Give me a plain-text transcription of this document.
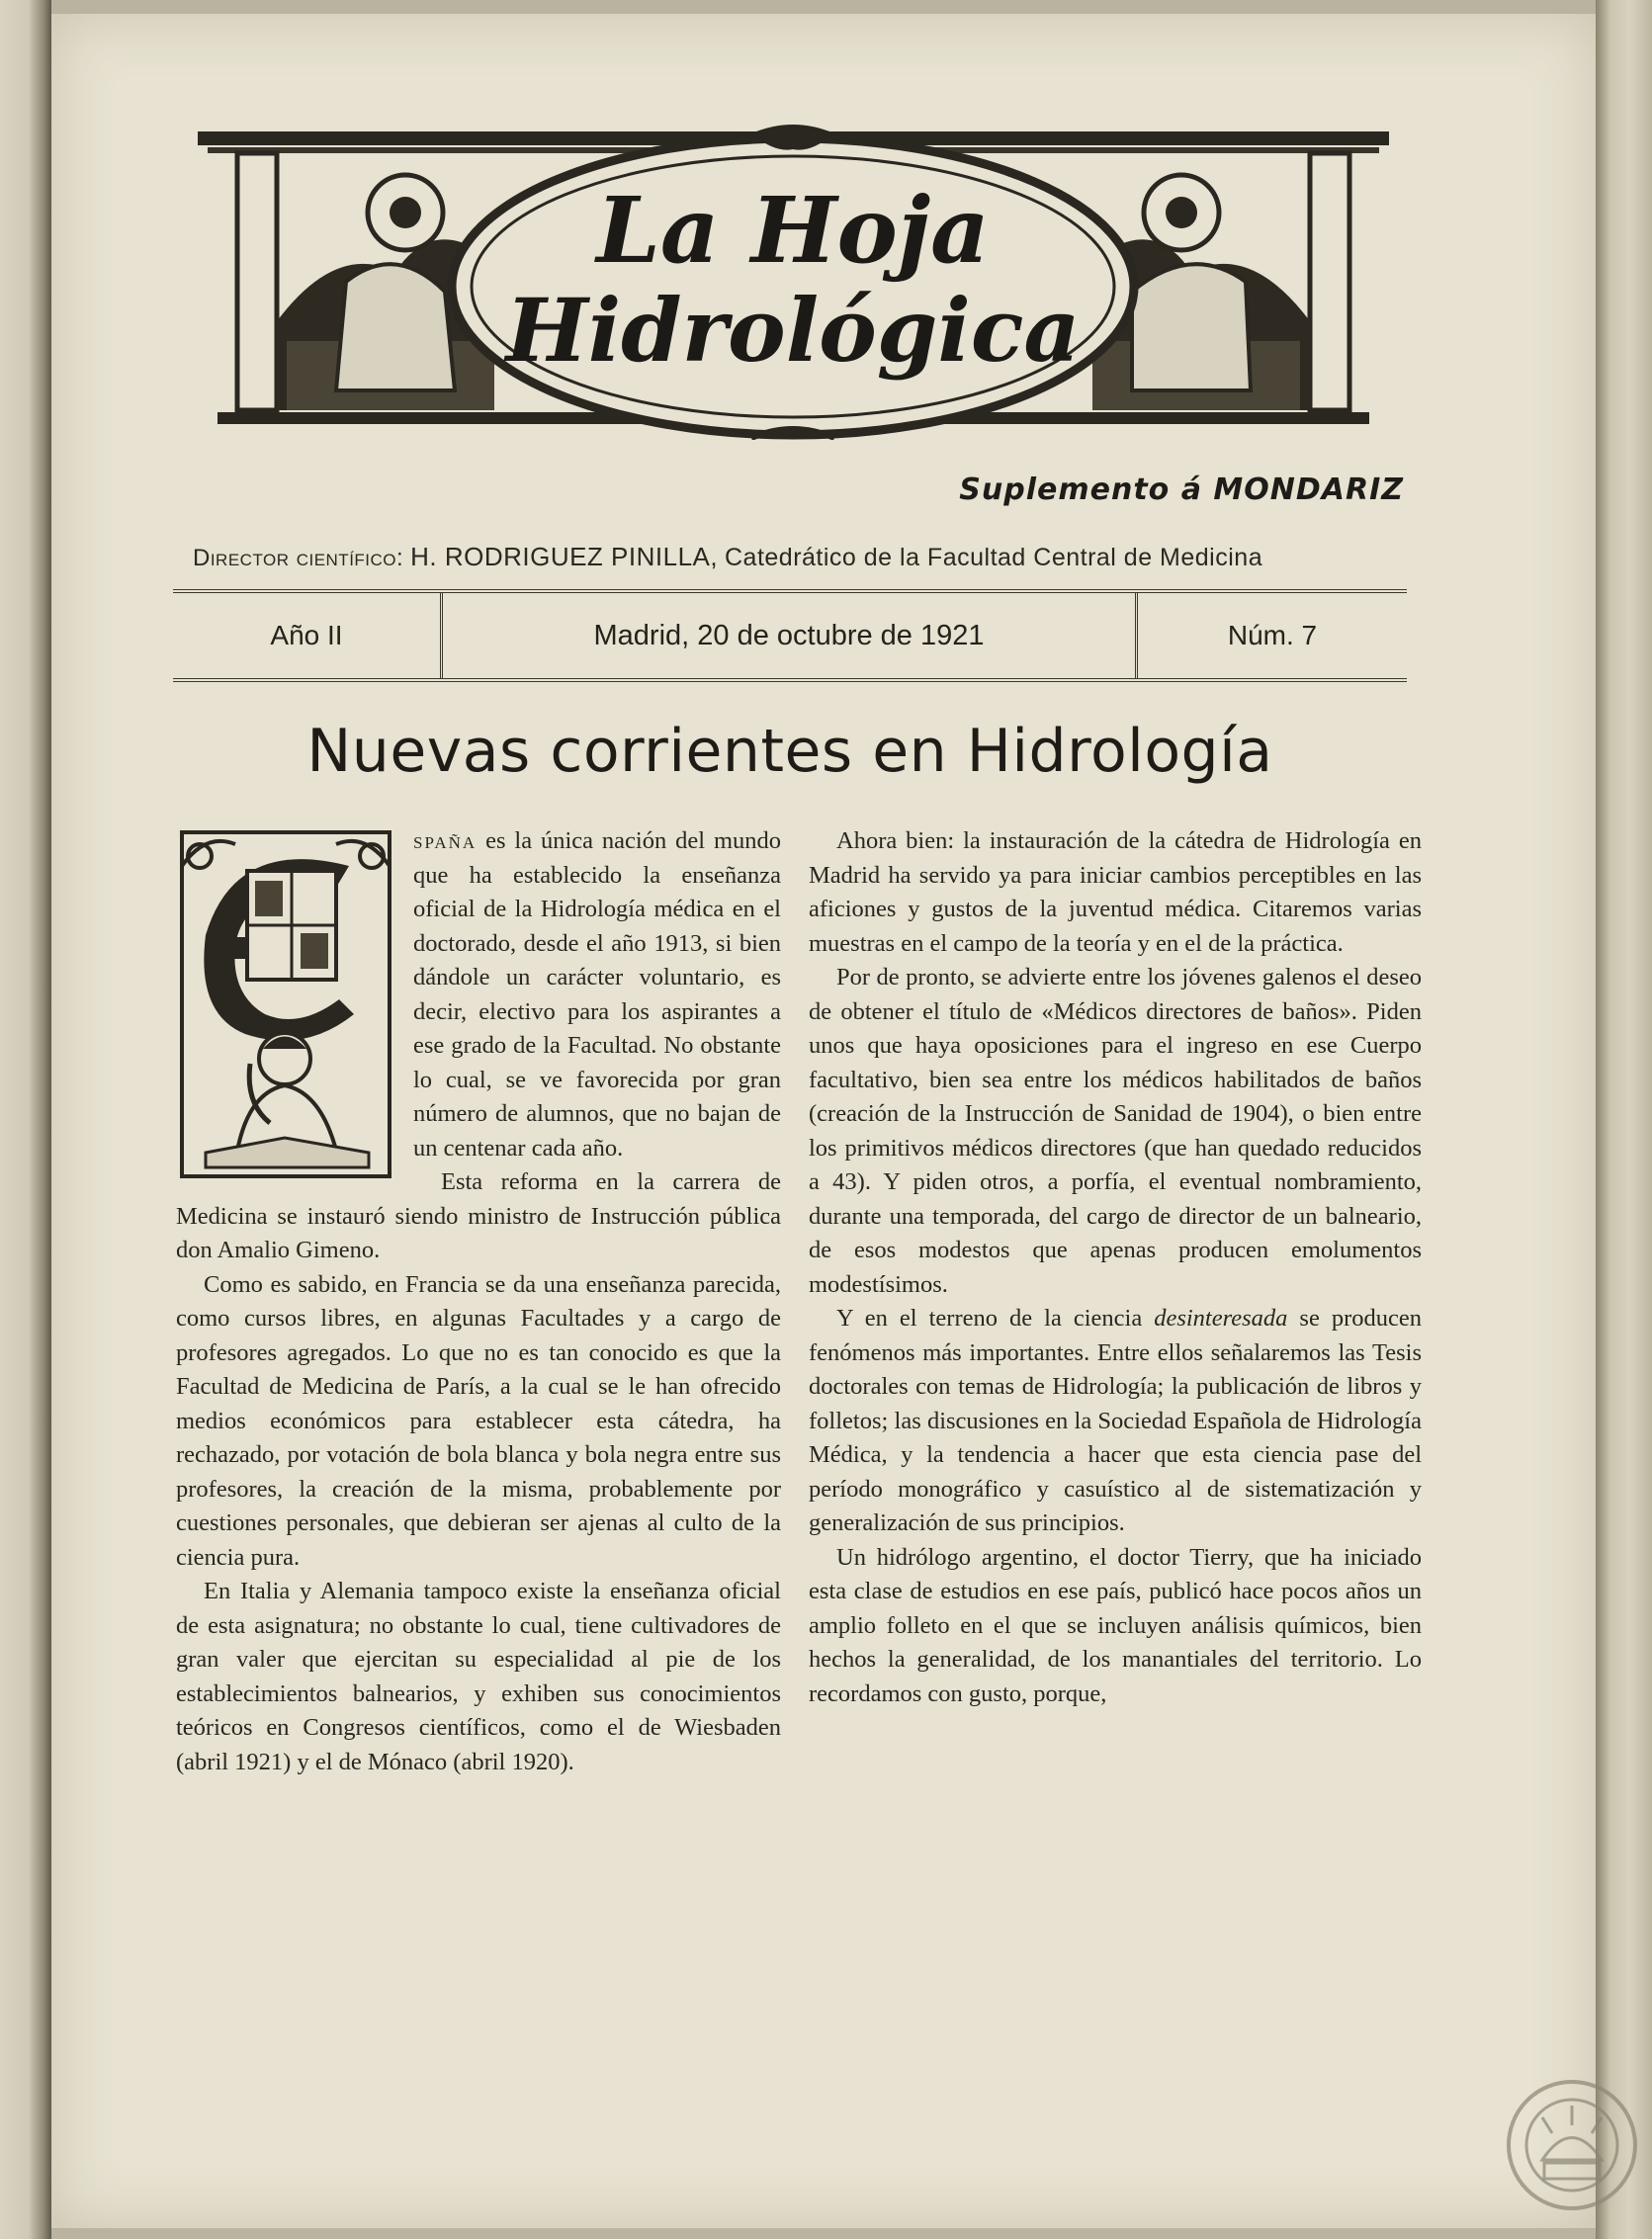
La Hoja
Hidrológica
Suplemento á MONDARIZ
Director científico: H. RODRIGUEZ PINILLA, Catedrático de la Facultad Central de Medicina
Año II	Madrid, 20 de octubre de 1921	Núm. 7
Nuevas corrientes en Hidrología

spaña es la única nación del mundo que ha establecido la enseñanza oficial de la Hidrología médica en el doctorado, desde el año 1913, si bien dándole un carácter voluntario, es decir, electivo para los aspirantes a ese grado de la Facultad. No obstante lo cual, se ve favorecida por gran número de alumnos, que no bajan de un centenar cada año.

Esta reforma en la carrera de Medicina se instauró siendo ministro de Instrucción pública don Amalio Gimeno.

Como es sabido, en Francia se da una enseñanza parecida, como cursos libres, en algunas Facultades y a cargo de profesores agregados. Lo que no es tan conocido es que la Facultad de Medicina de París, a la cual se le han ofrecido medios económicos para establecer esta cátedra, ha rechazado, por votación de bola blanca y bola negra entre sus profesores, la creación de la misma, probablemente por cuestiones personales, que debieran ser ajenas al culto de la ciencia pura.

En Italia y Alemania tampoco existe la enseñanza oficial de esta asignatura; no obstante lo cual, tiene cultivadores de gran valer que ejercitan su especialidad al pie de los establecimientos balnearios, y exhiben sus conocimientos teóricos en Congresos científicos, como el de Wiesbaden (abril 1921) y el de Mónaco (abril 1920).

Ahora bien: la instauración de la cátedra de Hidrología en Madrid ha servido ya para iniciar cambios perceptibles en las aficiones y gustos de la juventud médica. Citaremos varias muestras en el campo de la teoría y en el de la práctica.

Por de pronto, se advierte entre los jóvenes galenos el deseo de obtener el título de «Médicos directores de baños». Piden unos que haya oposiciones para el ingreso en ese Cuerpo facultativo, bien sea entre los médicos habilitados de baños (creación de la Instrucción de Sanidad de 1904), o bien entre los primitivos médicos directores (que han quedado reducidos a 43). Y piden otros, a porfía, el eventual nombramiento, durante una temporada, del cargo de director de un balneario, de esos modestos que apenas producen emolumentos modestísimos.

Y en el terreno de la ciencia desinteresada se producen fenómenos más importantes. Entre ellos señalaremos las Tesis doctorales con temas de Hidrología; la publicación de libros y folletos; las discusiones en la Sociedad Española de Hidrología Médica, y la tendencia a hacer que esta ciencia pase del período monográfico y casuístico al de sistematización y generalización de sus principios.

Un hidrólogo argentino, el doctor Tierry, que ha iniciado esta clase de estudios en ese país, publicó hace pocos años un amplio folleto en el que se incluyen análisis químicos, bien hechos la generalidad, de los manantiales del territorio. Lo recordamos con gusto, porque,
